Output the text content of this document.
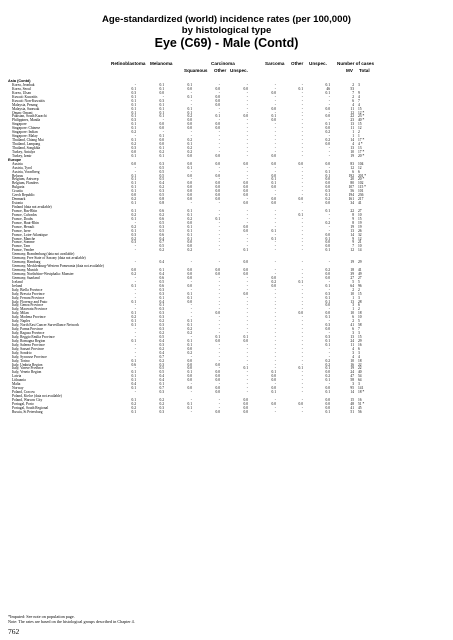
Age-standardized (world) incidence rates (per 100,000)
by histological type
Eye (C69) - Male (Contd)
Retinoblastoma Melanoma	Carcinoma
Squamous Other Unspec.
Sarcoma Other Unspec. Number of cases
MV Total
Asia (Contd)
Korea, Jeonbuk	-	0.1	0.1	-	-	-	-	0.1	2 3
Korea, Seoul	0.1	0.1	0.0	0.0	0.0	-	0.1	46	53
Korea, Ulsan	0.3	0.0	-	-	-	0.0	-	0.1	7 9
Kuwait: Kuwaitis	0.1	-	0.1	0.0	-	-	-	-	2 4
Kuwait: Non-Kuwaitis	0.1	0.3	-	0.0	-	-	-	-	6 7
Malaysia, Penang	0.1	0.1	-	0.0	-	-	-	-	4 4
Malaysia, Sarawak	0.1	0.1	0.1	-	-	0.0	-	0.0	11 15
Oman: Omani	0.1	0.1	0.1	-	-	-	-	-	12 12 *
Pakistan, South Karachi	0.1	0.1	0.2	0.1	0.0	0.1	-	0.0	22 23 *
Philippines, Manila	0.3	-	0.0	-	-	0.0	-	-	23 40 *
Singapore	0.1	0.0	0.0	0.0	-	-	-	0.1	13 15
Singapore: Chinese	0.1	0.0	0.0	0.0	-	-	-	0.0	11 12
Singapore: Indian	0.2	-	-	-	-	-	-	0.2	1 2
Singapore: Malay	-	0.1	-	-	-	-	-	-	1 1
Thailand, Chiang Mai	0.1	0.0	0.2	-	-	-	-	0.2	14 17 *
Thailand, Lampang	0.2	0.0	0.1	-	-	-	-	0.0	4 4 *
Thailand, Songkhla	0.3	0.1	0.2	-	-	-	-	-	13 13
Turkey, Antalya	0.0	0.2	0.2	-	-	-	-	-	10 17 *
Turkey, Izmir	0.1	0.1	0.0	0.0	-	0.0	-	-	19 20 *
Europe
Austria	0.0	0.3	0.0	0.0	0.0	0.0	0.0	0.0	83 104
Austria, Tyrol	-	0.5	0.1	-	-	-	-	-	12 12
Austria, Vorarlberg	-	0.5	-	-	-	-	-	0.1	6 6
Belarus	0.1	0.5	0.0	0.0	-	0.0	-	0.1	192 201 *
Belgium, Antwerp	0.1	0.5	-	-	-	0.1	-	0.0	20 20 *
Belgium, Flanders	0.1	0.4	0.0	0.0	0.0	0.1	-	0.0	80 102
Bulgaria	0.1	0.2	0.0	0.0	0.0	0.0	-	0.0	107 115 *
Croatia	0.1	0.3	0.0	0.0	0.0	-	-	0.3	56 101
Czech Republic	0.0	0.5	0.0	0.0	0.0	-	-	0.1	194 236
Denmark	0.2	0.8	0.0	0.0	-	0.0	0.0	0.2	161 217
Estonia	0.1	0.8	-	-	0.0	0.0	-	0.0	34 41
Finland (data not available)
France, Bas-Rhin	0.1	0.6	0.1	-	-	-	-	0.1	22 27
France, Calvados	0.2	0.2	0.1	-	-	-	0.1	-	8 10
France, Doubs	0.1	0.6	0.2	0.1	-	-	-	-	9 15
France, Haut-Rhin	-	0.5	0.0	-	-	-	-	0.2	8 19
France, Herault	0.2	0.3	0.1	-	0.0	-	-	-	19 19
France, Isere	0.1	0.5	0.1	-	0.0	0.1	-	-	13 26
France, Loire-Atlantique	0.3	0.6	0.1	-	-	-	-	0.0	14 32
France, Manche	0.2	0.4	0.1	-	-	0.1	-	0.1	9 12
France, Somme	0.3	0.7	0.0	-	-	-	-	0.0	9 21
France, Tarn	-	0.5	0.0	-	-	-	-	0.0	7 10
France, Vendee	-	0.2	0.2	-	0.1	-	-	0.1	12 14
Germany, Brandenburg (data not available)
Germany, Free State of Saxony (data not available)
Germany, Hamburg	-	0.4	-	-	0.0	-	-	-	19 29
Germany, Mecklenburg-Western Pomerania (data not available)
Germany, Munich	0.0	0.1	0.0	0.0	0.0	-	-	0.2	18 41
Germany, Northrhine-Westphalia: Munster	0.2	0.4	0.0	0.0	0.0	-	-	0.0	39 49
Germany, Saarland	-	0.6	0.0	-	-	0.0	-	0.0	27 27
Iceland	-	0.5	-	-	-	0.2	0.1	-	5 5
Ireland	0.1	0.6	0.0	-	-	0.0	-	0.1	64 96
Italy, Biella Province	-	0.3	-	-	-	-	-	-	2 2
Italy, Brescia Province	-	0.3	0.1	-	0.0	-	-	0.3	10 15
Italy, Ferrara Province	-	0.1	0.1	-	-	-	-	0.1	1 3
Italy, Florence and Prato	0.1	0.4	0.0	-	-	-	-	0.1	13 28
Italy, Genoa Province	-	0.1	-	-	-	-	-	0.0	3 6
Italy, Macerata Province	-	0.3	-	-	-	-	-	-	1 2
Italy, Milan	0.1	0.3	-	0.0	-	-	0.0	0.0	10 18
Italy, Modena Province	0.2	0.3	-	-	-	-	-	0.1	6 10
Italy, Naples	0.1	0.2	0.1	-	-	-	-	-	2 5
Italy, North East Cancer Surveillance Network	0.1	0.3	0.1	-	-	-	-	0.3	41 58
Italy, Parma Province	-	0.3	0.2	-	-	-	-	0.0	6 7
Italy, Ragusa Province	-	0.2	0.2	-	-	-	-	-	3 3
Italy, Reggio Emilia Province	-	0.5	-	0.1	0.1	-	-	0.3	13 15
Italy, Romagna Region	0.1	0.4	0.1	0.0	0.0	-	-	0.1	24 29
Italy, Salerno Province	-	0.3	0.1	-	-	-	-	0.1	11 16
Italy, Sassari Province	-	0.2	0.0	-	-	-	-	-	4 6
Italy, Sondrio	-	0.4	0.2	-	-	-	-	-	3 3
Italy, Syracuse Province	-	0.7	-	-	-	-	-	-	4 4
Italy, Torino	0.1	0.2	0.0	-	-	-	-	0.2	10 18
Italy, Umbria Region	0.6	0.3	0.0	0.0	-	-	-	0.2	16 22
Italy, Varese Province	-	0.5	0.0	-	0.1	-	0.1	0.1	19 22
Italy, Veneto Region	0.1	0.5	0.1	0.0	-	0.1	-	0.0	24 40
Latvia	0.1	0.4	0.0	0.0	-	0.0	-	0.2	47 54
Lithuania	0.1	0.4	0.0	0.0	-	0.0	-	0.1	58 64
Malta	0.4	0.1	-	-	-	-	-	-	3 3
Norway	0.1	0.7	0.0	0.0	-	0.0	-	0.0	95 141
Poland, Cracow	-	0.3	-	0.0	-	0.1	-	0.1	14 18 *
Poland, Kielce (data not available)
Poland, Warsaw City	0.1	0.2	-	-	0.0	-	-	0.0	15 16
Portugal, Porto	0.2	0.2	0.1	-	0.0	0.0	0.0	0.0	48 51 *
Portugal, South Regional	0.2	0.3	0.1	-	0.0	-	-	0.0	41 45
Russia, St Petersburg	0.1	0.3	-	0.0	0.0	-	-	0.1	51 56
*Imputed: See note on population page.
Note: The rates are based on the histological groups described in Chapter 4.
762
